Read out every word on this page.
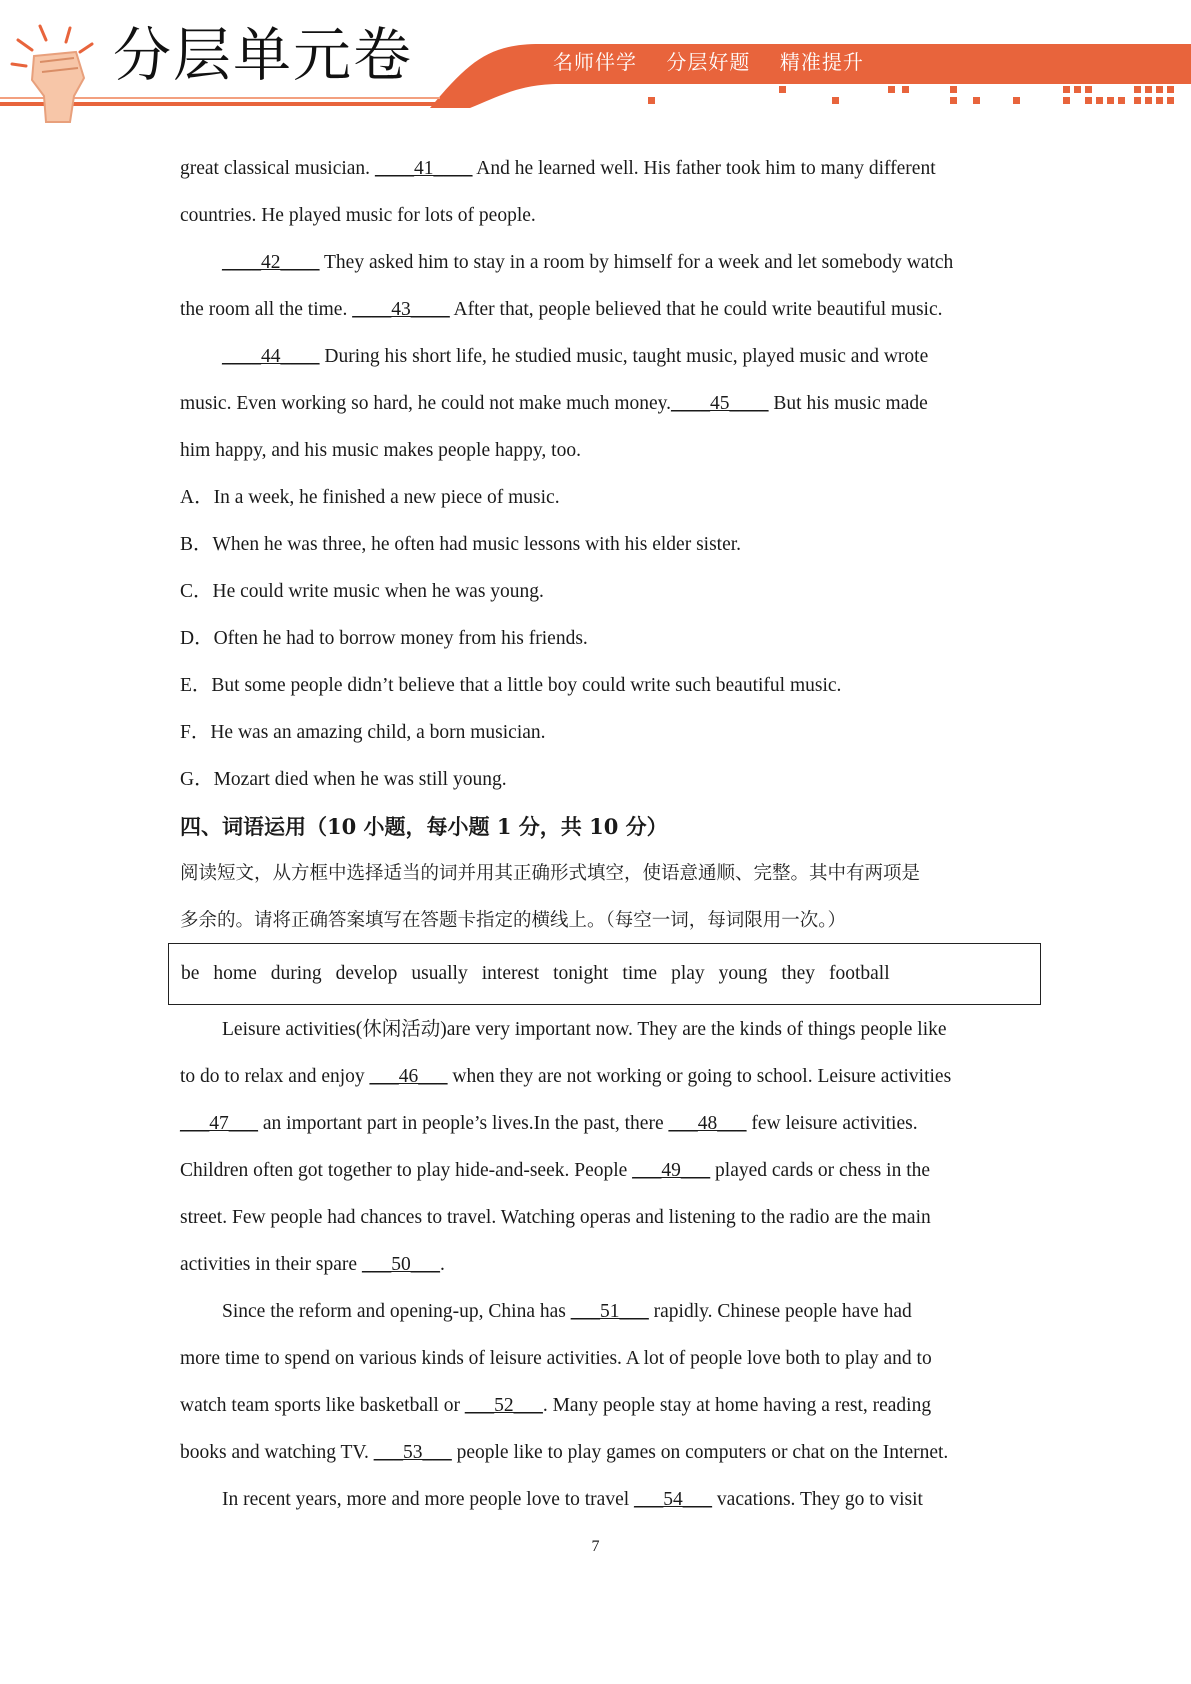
分层单元卷	名师伴学    分层好题    精准提升
great classical musician. ____41____ And he learned well. His father took him to many different
countries. He played music for lots of people.
____42____ They asked him to stay in a room by himself for a week and let somebody watch
the room all the time. ____43____ After that, people believed that he could write beautiful music.
____44____ During his short life, he studied music, taught music, played music and wrote
music. Even working so hard, he could not make much money.____45____ But his music made
him happy, and his music makes people happy, too.
A．In a week, he finished a new piece of music.
B．When he was three, he often had music lessons with his elder sister.
C．He could write music when he was young.
D．Often he had to borrow money from his friends.
E．But some people didn’t believe that a little boy could write such beautiful music.
F．He was an amazing child, a born musician.
G．Mozart died when he was still young.
四、词语运用（10 小题，每小题 1 分，共 10 分）
阅读短文，从方框中选择适当的词并用其正确形式填空，使语意通顺、完整。其中有两项是
多余的。请将正确答案填写在答题卡指定的横线上。（每空一词，每词限用一次。）
be home during develop usually interest tonight time play young they football
Leisure activities(休闲活动)are very important now. They are the kinds of things people like
to do to relax and enjoy ___46___ when they are not working or going to school. Leisure activities
___47___ an important part in people’s lives.In the past, there ___48___ few leisure activities.
Children often got together to play hide-and-seek. People ___49___ played cards or chess in the
street. Few people had chances to travel. Watching operas and listening to the radio are the main
activities in their spare ___50___.
Since the reform and opening-up, China has ___51___ rapidly. Chinese people have had
more time to spend on various kinds of leisure activities. A lot of people love both to play and to
watch team sports like basketball or ___52___. Many people stay at home having a rest, reading
books and watching TV. ___53___ people like to play games on computers or chat on the Internet.
In recent years, more and more people love to travel ___54___ vacations. They go to visit
7
